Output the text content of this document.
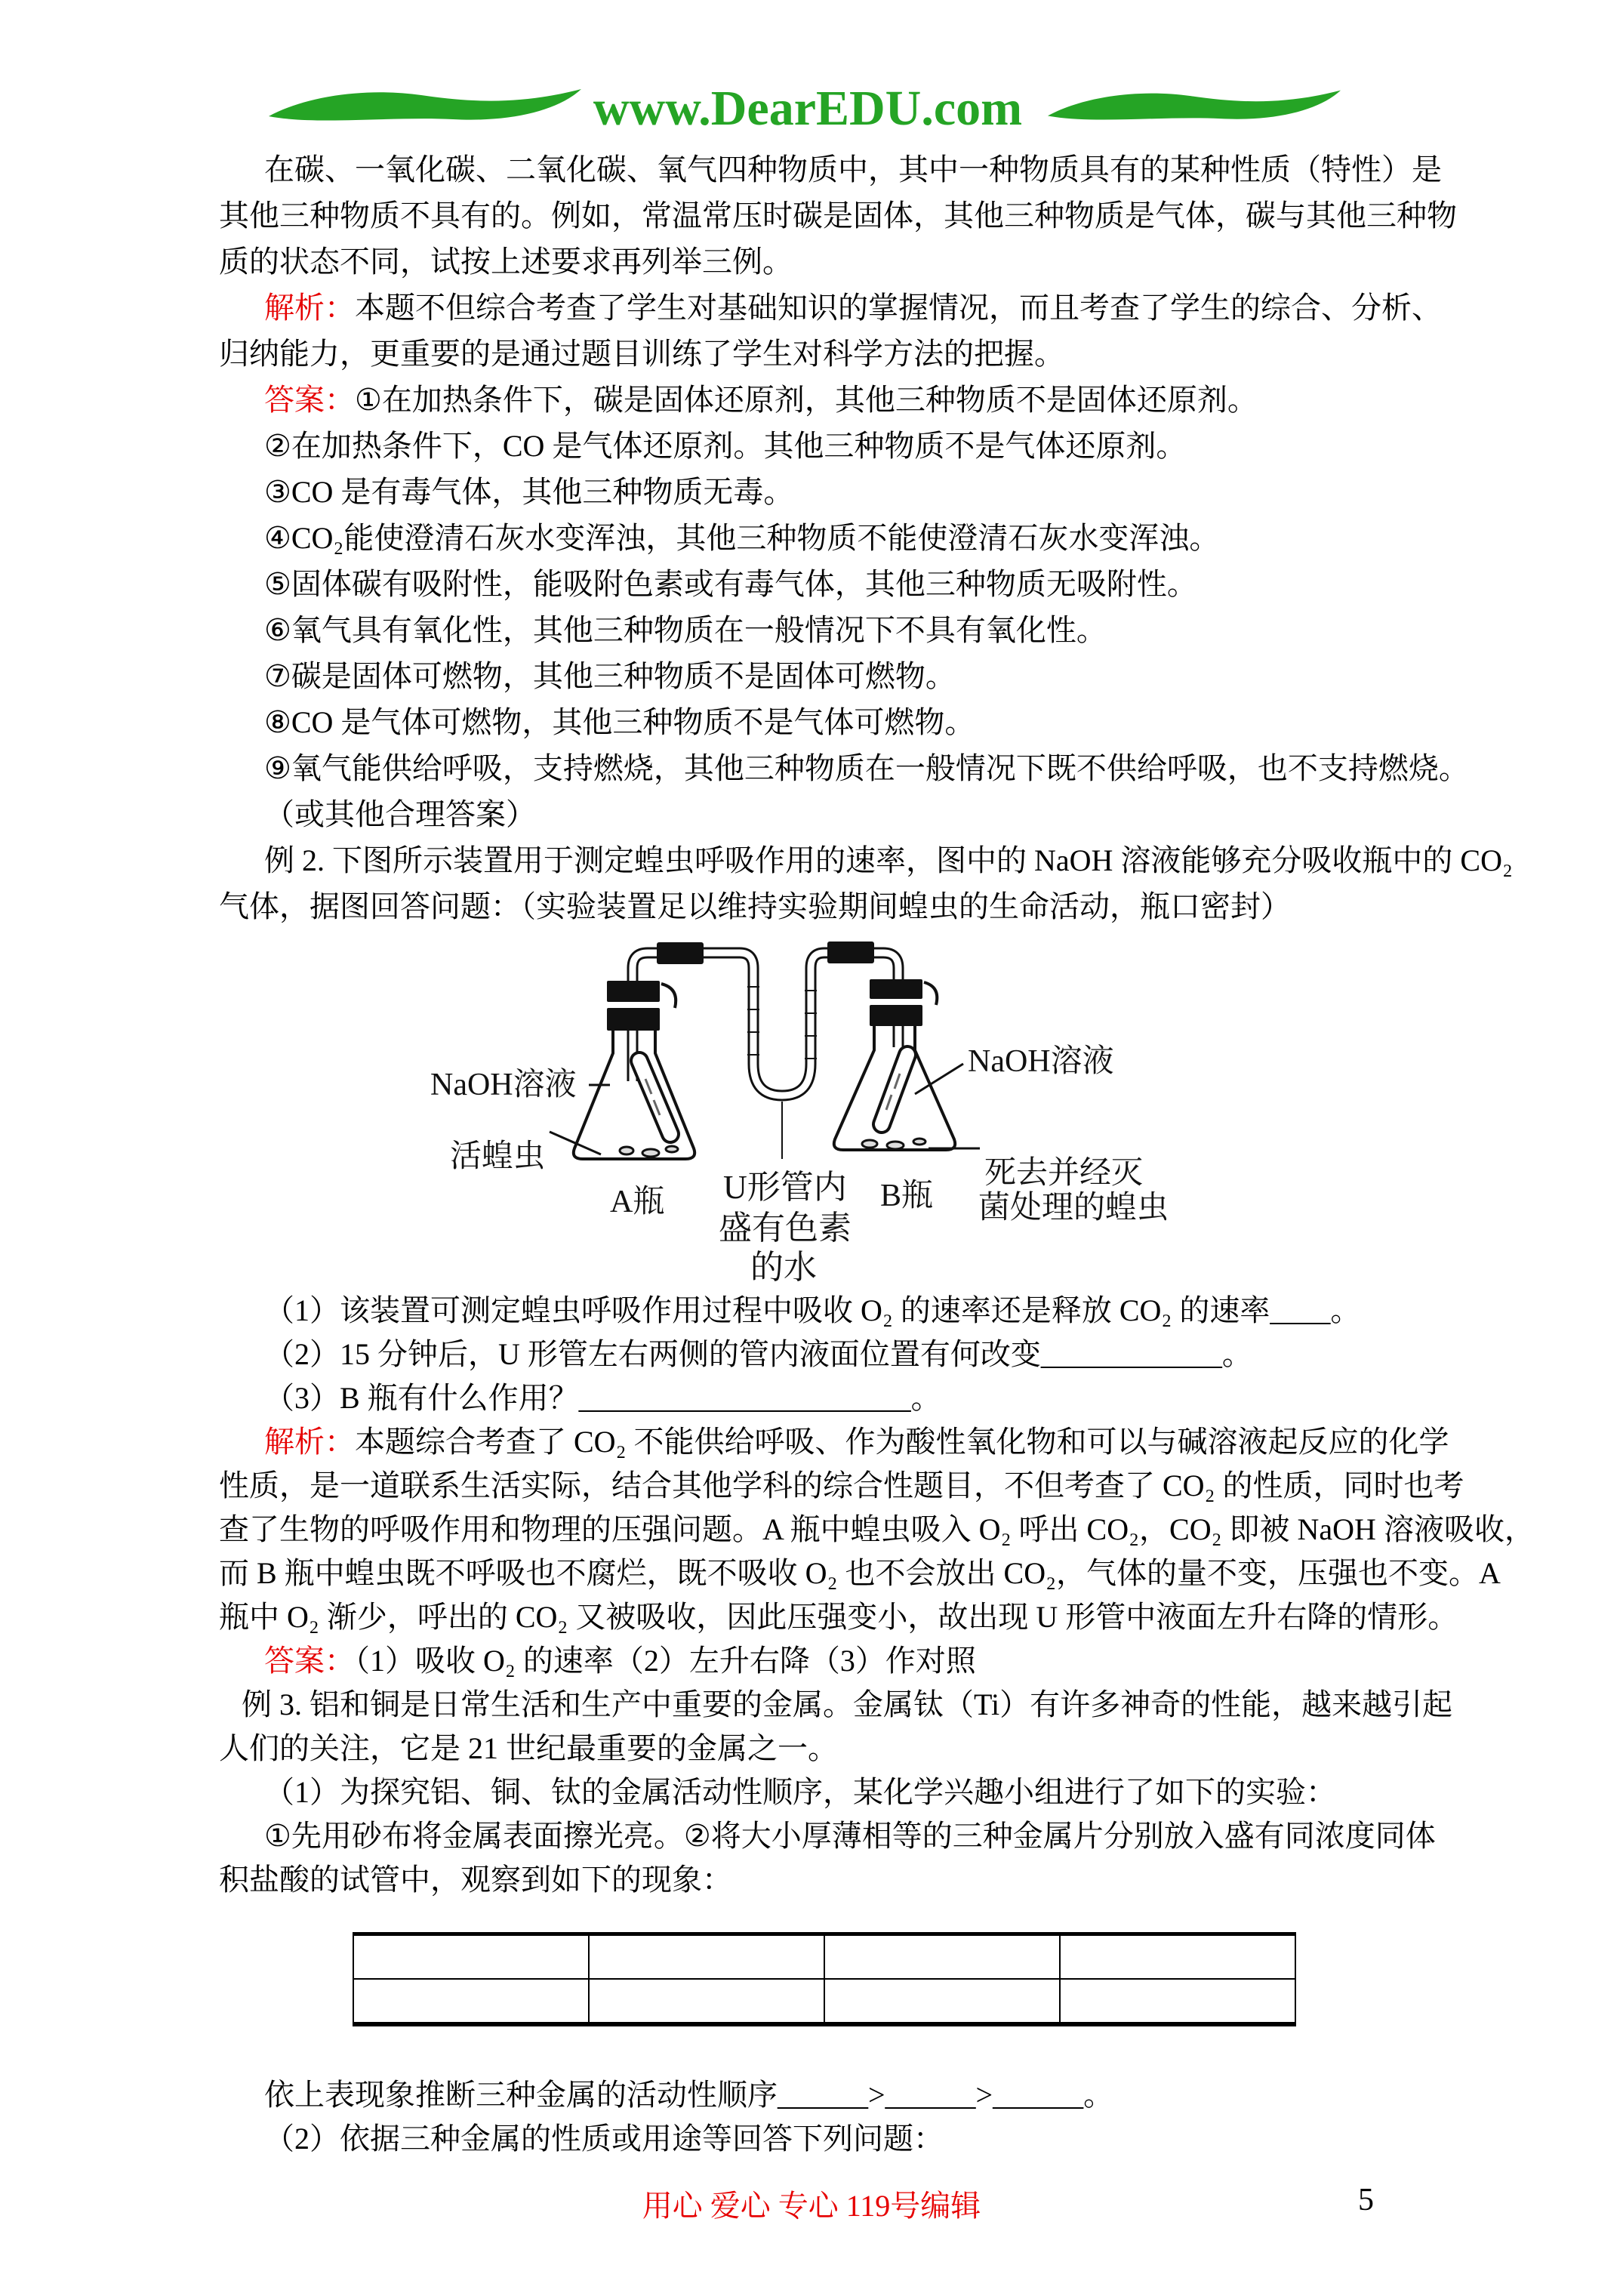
www.DearEDU.com
在碳、一氧化碳、二氧化碳、氧气四种物质中，其中一种物质具有的某种性质（特性）是
其他三种物质不具有的。例如，常温常压时碳是固体，其他三种物质是气体，碳与其他三种物
质的状态不同，试按上述要求再列举三例。
解析：本题不但综合考查了学生对基础知识的掌握情况，而且考查了学生的综合、分析、
归纳能力，更重要的是通过题目训练了学生对科学方法的把握。
答案：①在加热条件下，碳是固体还原剂，其他三种物质不是固体还原剂。
②在加热条件下，CO 是气体还原剂。其他三种物质不是气体还原剂。
③CO 是有毒气体，其他三种物质无毒。
④CO₂能使澄清石灰水变浑浊，其他三种物质不能使澄清石灰水变浑浊。
⑤固体碳有吸附性，能吸附色素或有毒气体，其他三种物质无吸附性。
⑥氧气具有氧化性，其他三种物质在一般情况下不具有氧化性。
⑦碳是固体可燃物，其他三种物质不是固体可燃物。
⑧CO 是气体可燃物，其他三种物质不是气体可燃物。
⑨氧气能供给呼吸，支持燃烧，其他三种物质在一般情况下既不供给呼吸，也不支持燃烧。
（或其他合理答案）
例 2. 下图所示装置用于测定蝗虫呼吸作用的速率，图中的 NaOH 溶液能够充分吸收瓶中的 CO₂
气体，据图回答问题：（实验装置足以维持实验期间蝗虫的生命活动，瓶口密封）
NaOH溶液
活蝗虫
A瓶 U形管内
盛有色素
的水
B瓶
NaOH溶液
死去并经灭
菌处理的蝗虫
（1）该装置可测定蝗虫呼吸作用过程中吸收 O₂ 的速率还是释放 CO₂ 的速率____。
（2）15 分钟后，U 形管左右两侧的管内液面位置有何改变____________。
（3）B 瓶有什么作用？______________________。
解析：本题综合考查了 CO₂ 不能供给呼吸、作为酸性氧化物和可以与碱溶液起反应的化学
性质，是一道联系生活实际，结合其他学科的综合性题目，不但考查了 CO₂ 的性质，同时也考
查了生物的呼吸作用和物理的压强问题。A 瓶中蝗虫吸入 O₂ 呼出 CO₂，CO₂ 即被 NaOH 溶液吸收，
而 B 瓶中蝗虫既不呼吸也不腐烂，既不吸收 O₂ 也不会放出 CO₂，气体的量不变，压强也不变。A
瓶中 O₂ 渐少，呼出的 CO₂ 又被吸收，因此压强变小，故出现 U 形管中液面左升右降的情形。
答案：（1）吸收 O₂ 的速率（2）左升右降（3）作对照
例 3. 铝和铜是日常生活和生产中重要的金属。金属钛（Ti）有许多神奇的性能，越来越引起
人们的关注，它是 21 世纪最重要的金属之一。
（1）为探究铝、铜、钛的金属活动性顺序，某化学兴趣小组进行了如下的实验：
①先用砂布将金属表面擦光亮。②将大小厚薄相等的三种金属片分别放入盛有同浓度同体
积盐酸的试管中，观察到如下的现象：

依上表现象推断三种金属的活动性顺序______>______>______。
（2）依据三种金属的性质或用途等回答下列问题：
用心 爱心 专心 119号编辑	5
